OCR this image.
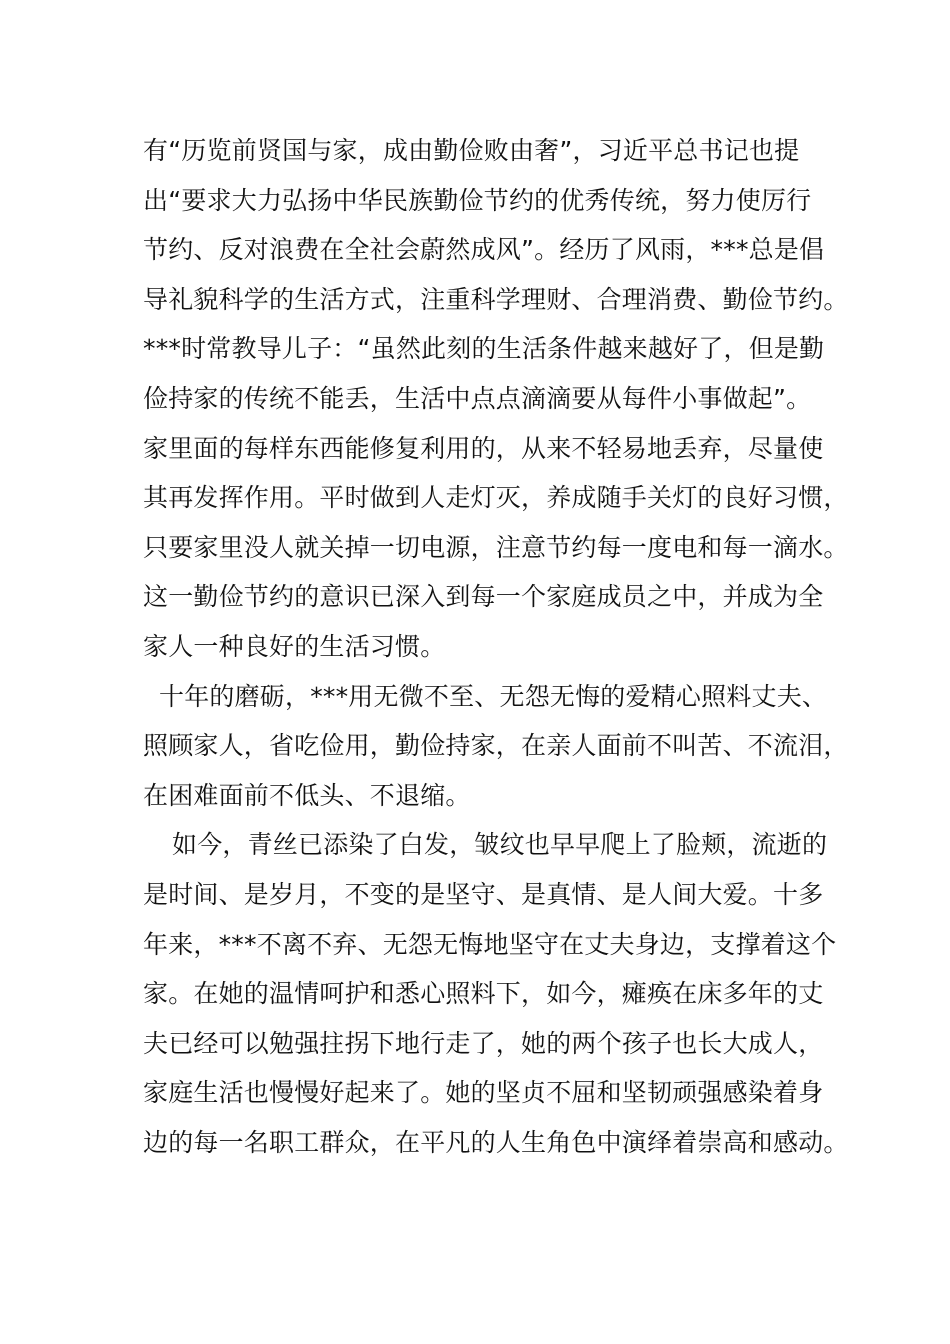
有“历览前贤国与家，成由勤俭败由奢”，习近平总书记也提
出“要求大力弘扬中华民族勤俭节约的优秀传统，努力使厉行
节约、反对浪费在全社会蔚然成风”。经历了风雨，***总是倡
导礼貌科学的生活方式，注重科学理财、合理消费、勤俭节约。
***时常教导儿子：“虽然此刻的生活条件越来越好了，但是勤
俭持家的传统不能丢，生活中点点滴滴要从每件小事做起”。
家里面的每样东西能修复利用的，从来不轻易地丢弃，尽量使
其再发挥作用。平时做到人走灯灭，养成随手关灯的良好习惯，
只要家里没人就关掉一切电源，注意节约每一度电和每一滴水。
这一勤俭节约的意识已深入到每一个家庭成员之中，并成为全
家人一种良好的生活习惯。
十年的磨砺，***用无微不至、无怨无悔的爱精心照料丈夫、
照顾家人，省吃俭用，勤俭持家，在亲人面前不叫苦、不流泪，
在困难面前不低头、不退缩。
如今，青丝已添染了白发，皱纹也早早爬上了脸颊，流逝的
是时间、是岁月，不变的是坚守、是真情、是人间大爱。十多
年来，***不离不弃、无怨无悔地坚守在丈夫身边，支撑着这个
家。在她的温情呵护和悉心照料下，如今，瘫痪在床多年的丈
夫已经可以勉强拄拐下地行走了，她的两个孩子也长大成人，
家庭生活也慢慢好起来了。她的坚贞不屈和坚韧顽强感染着身
边的每一名职工群众，在平凡的人生角色中演绎着崇高和感动。
